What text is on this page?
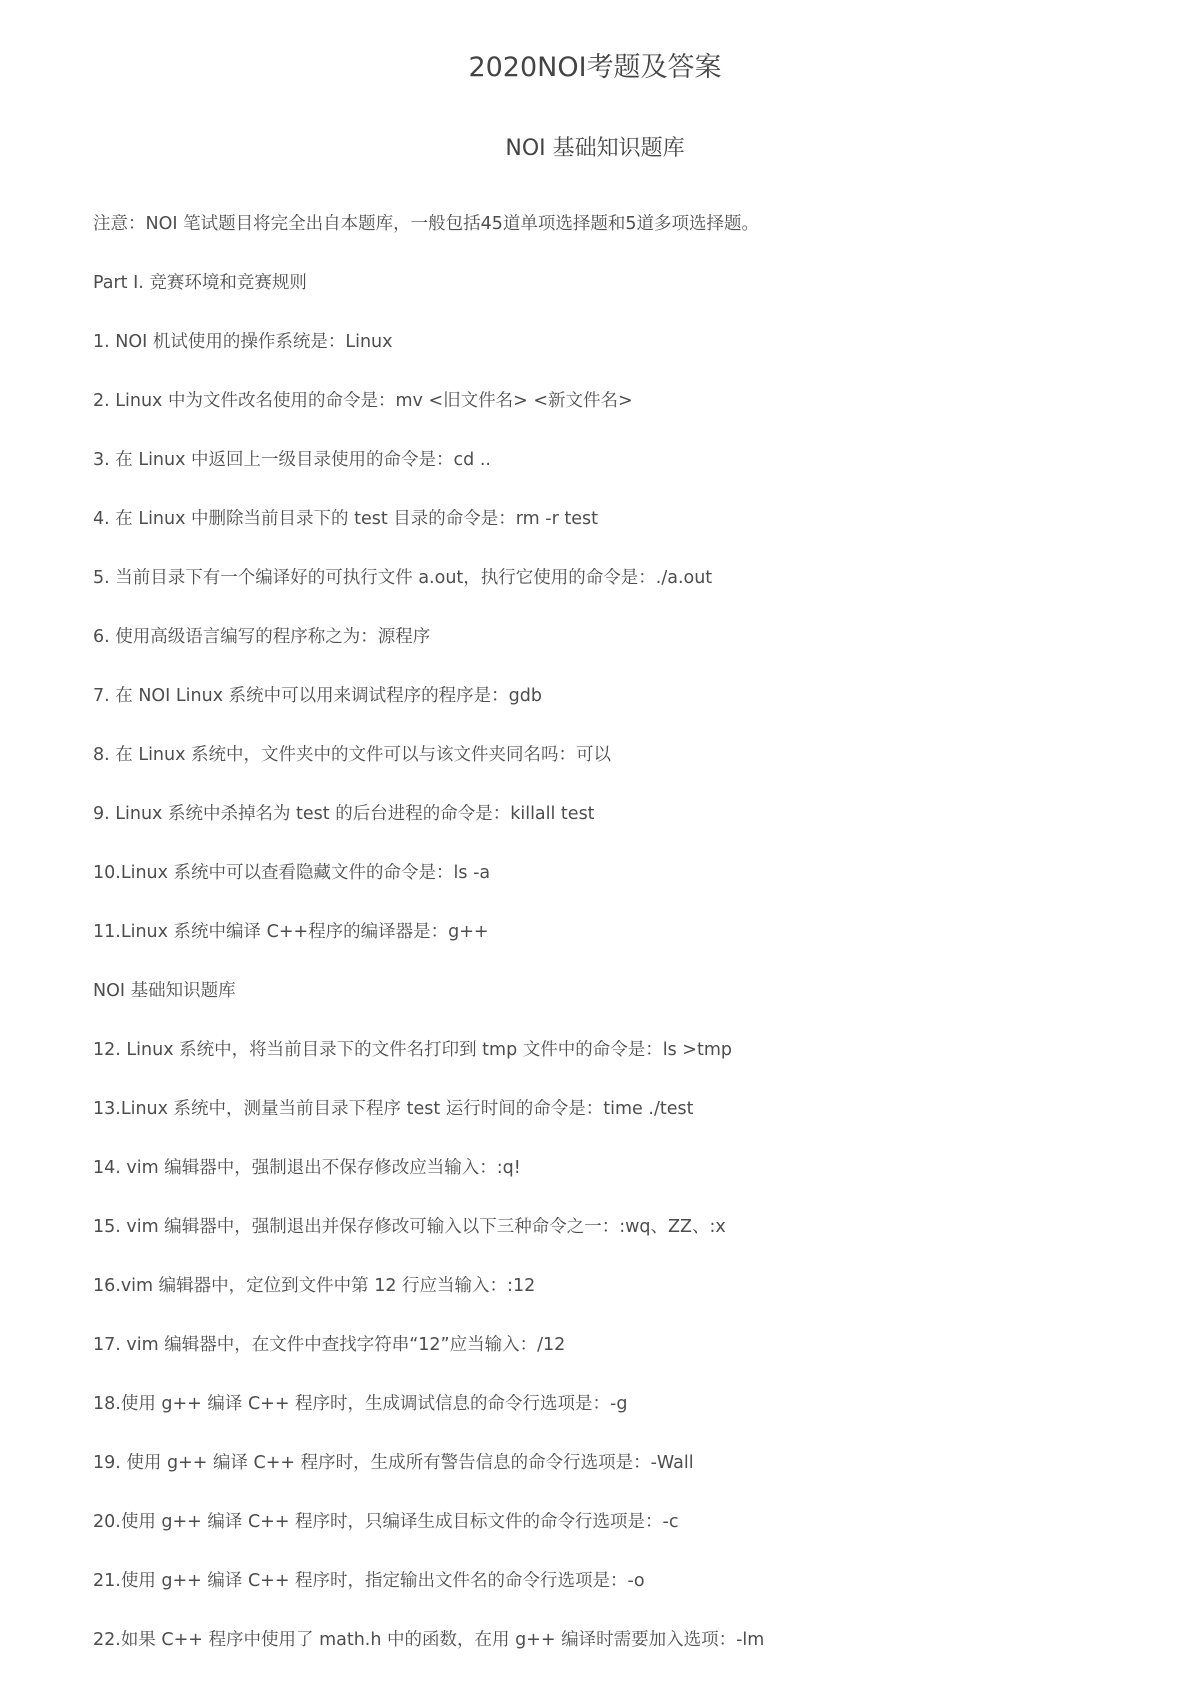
2020NOI考题及答案
NOI 基础知识题库
注意：NOI 笔试题目将完全出自本题库，一般包括45道单项选择题和5道多项选择题。
Part I. 竞赛环境和竞赛规则
1. NOI 机试使用的操作系统是：Linux
2. Linux 中为文件改名使用的命令是：mv <旧文件名> <新文件名>
3. 在 Linux 中返回上一级目录使用的命令是：cd ..
4. 在 Linux 中删除当前目录下的 test 目录的命令是：rm -r test
5. 当前目录下有一个编译好的可执行文件 a.out，执行它使用的命令是：./a.out
6. 使用高级语言编写的程序称之为：源程序
7. 在 NOI Linux 系统中可以用来调试程序的程序是：gdb
8. 在 Linux 系统中，文件夹中的文件可以与该文件夹同名吗：可以
9. Linux 系统中杀掉名为 test 的后台进程的命令是：killall test
10.Linux 系统中可以查看隐藏文件的命令是：ls -a
11.Linux 系统中编译 C++程序的编译器是：g++
NOI 基础知识题库
12. Linux 系统中，将当前目录下的文件名打印到 tmp 文件中的命令是：ls >tmp
13.Linux 系统中，测量当前目录下程序 test 运行时间的命令是：time ./test
14. vim 编辑器中，强制退出不保存修改应当输入：:q!
15. vim 编辑器中，强制退出并保存修改可输入以下三种命令之一：:wq、ZZ、:x
16.vim 编辑器中，定位到文件中第 12 行应当输入：:12
17. vim 编辑器中，在文件中查找字符串“12”应当输入：/12
18.使用 g++ 编译 C++ 程序时，生成调试信息的命令行选项是：-g
19. 使用 g++ 编译 C++ 程序时，生成所有警告信息的命令行选项是：-Wall
20.使用 g++ 编译 C++ 程序时，只编译生成目标文件的命令行选项是：-c
21.使用 g++ 编译 C++ 程序时，指定输出文件名的命令行选项是：-o
22.如果 C++ 程序中使用了 math.h 中的函数，在用 g++ 编译时需要加入选项：-lm
